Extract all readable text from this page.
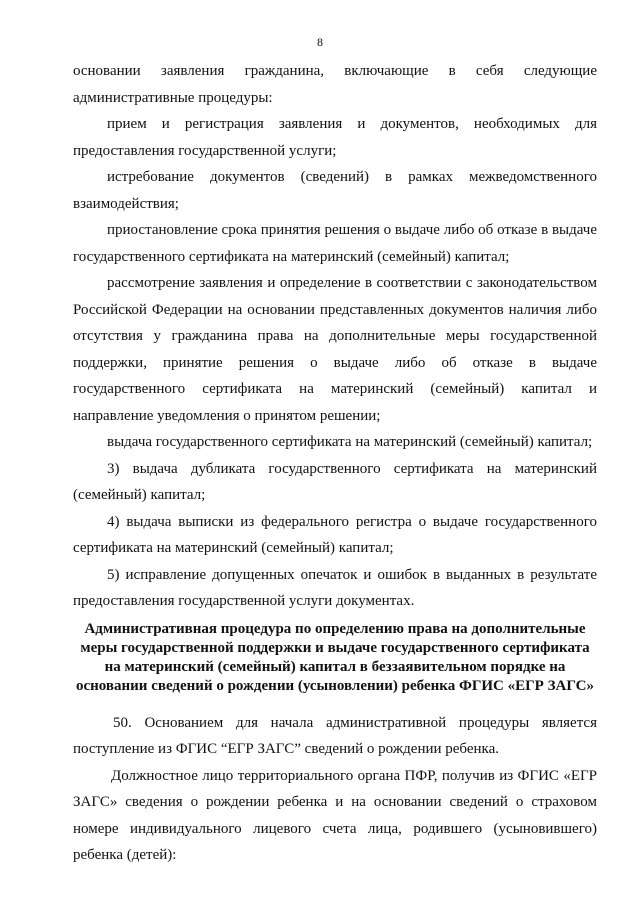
8

основании заявления гражданина, включающие в себя следующие административные процедуры:

прием и регистрация заявления и документов, необходимых для предоставления государственной услуги;

истребование документов (сведений) в рамках межведомственного взаимодействия;

приостановление срока принятия решения о выдаче либо об отказе в выдаче государственного сертификата на материнский (семейный) капитал;

рассмотрение заявления и определение в соответствии с законодательством Российской Федерации на основании представленных документов наличия либо отсутствия у гражданина права на дополнительные меры государственной поддержки, принятие решения о выдаче либо об отказе в выдаче государственного сертификата на материнский (семейный) капитал и направление уведомления о принятом решении;

выдача государственного сертификата на материнский (семейный) капитал;

3) выдача дубликата государственного сертификата на материнский (семейный) капитал;

4) выдача выписки из федерального регистра о выдаче государственного сертификата на материнский (семейный) капитал;

5) исправление допущенных опечаток и ошибок в выданных в результате предоставления государственной услуги документах.

Административная процедура по определению права на дополнительные меры государственной поддержки и выдаче государственного сертификата на материнский (семейный) капитал в беззаявительном порядке на основании сведений о рождении (усыновлении) ребенка ФГИС «ЕГР ЗАГС»

50. Основанием для начала административной процедуры является поступление из ФГИС “ЕГР ЗАГС” сведений о рождении ребенка.

Должностное лицо территориального органа ПФР, получив из ФГИС «ЕГР ЗАГС» сведения о рождении ребенка и на основании сведений о страховом номере индивидуального лицевого счета лица, родившего (усыновившего) ребенка (детей):
